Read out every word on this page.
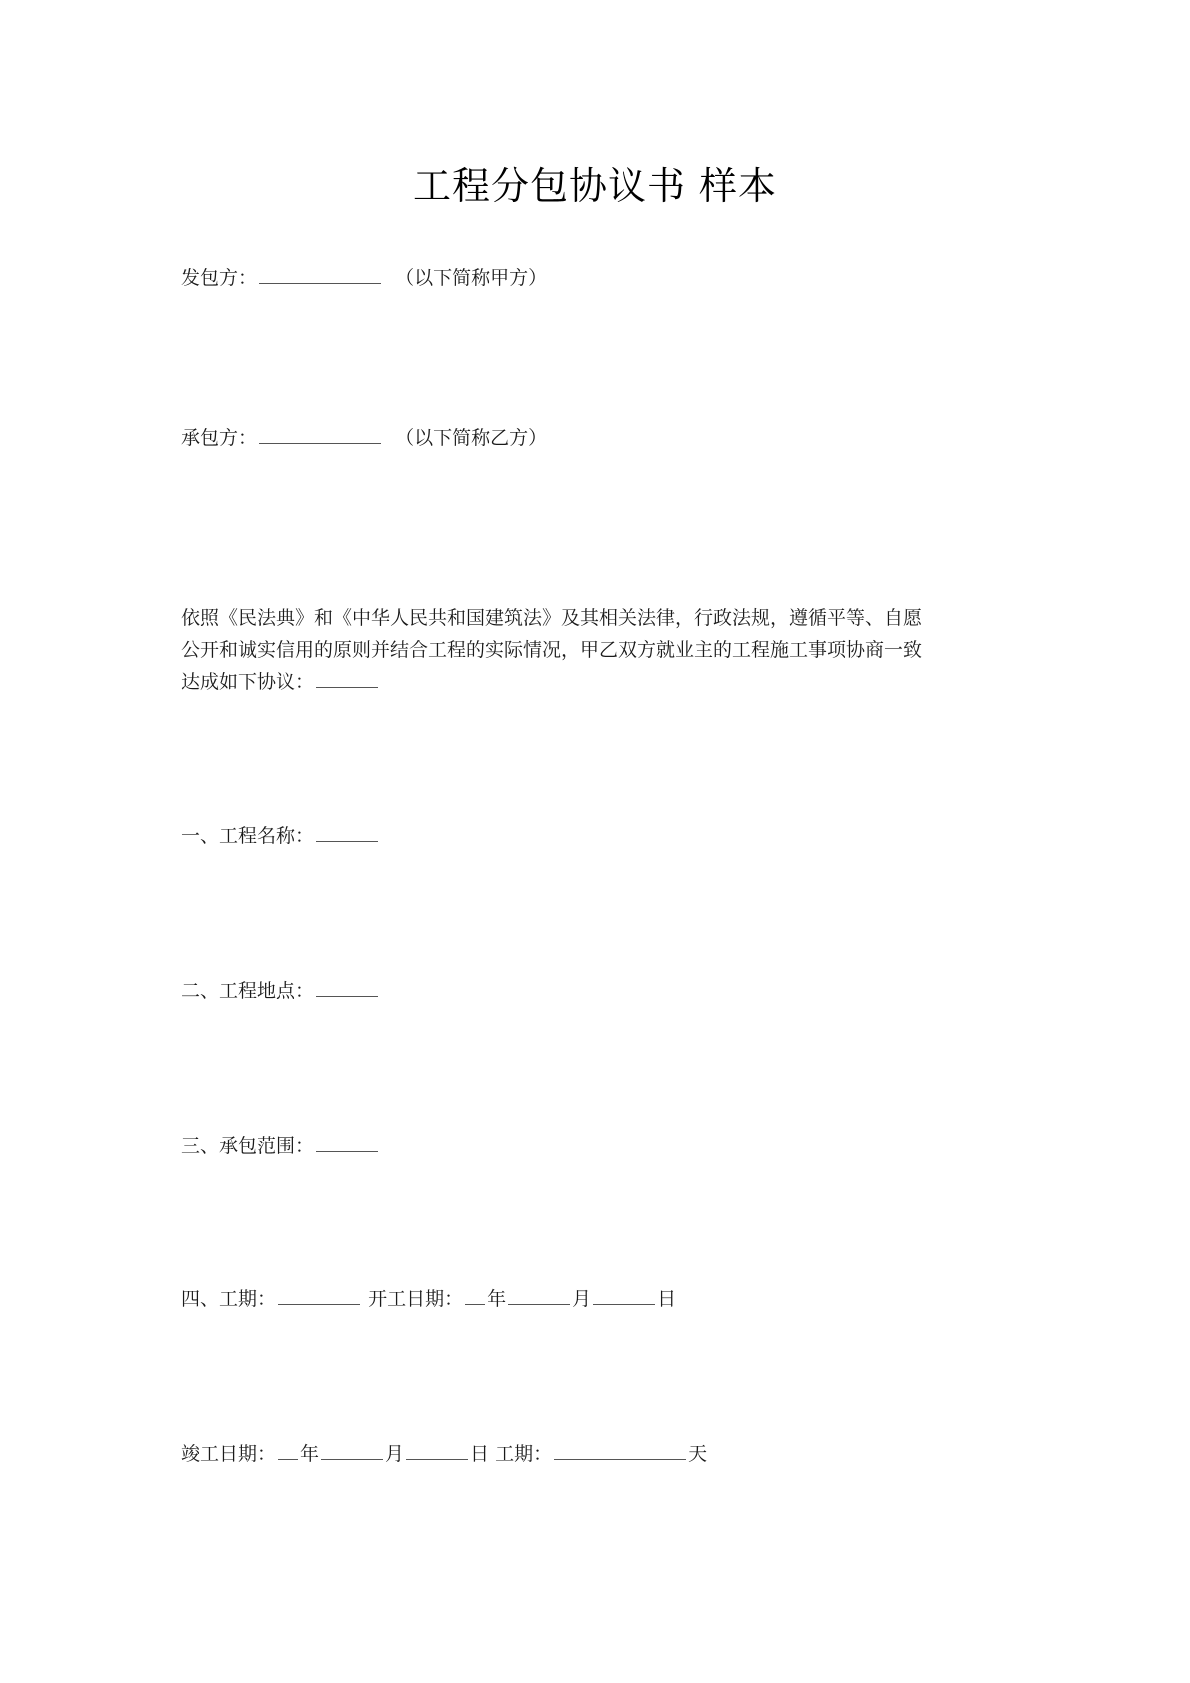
工程分包协议书 样本
发包方：	（以下简称甲方）
承包方：	（以下简称乙方）
依照《民法典》和《中华人民共和国建筑法》及其相关法律，行政法规，遵循平等、自愿
公开和诚实信用的原则并结合工程的实际情况，甲乙双方就业主的工程施工事项协商一致
达成如下协议：
一、工程名称：
二、工程地点：
三、承包范围：
四、工期：	开工日期： 年	月	日
竣工日期： 年	月	日 工期：	天
